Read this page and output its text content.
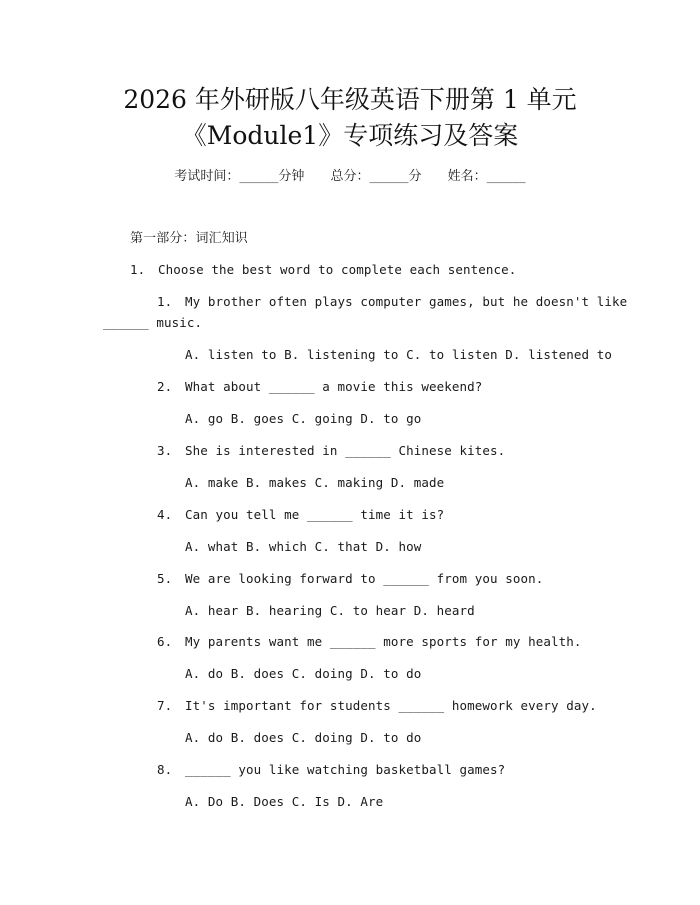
2026 年外研版八年级英语下册第 1 单元
《Module1》专项练习及答案
考试时间：______分钟 总分：______分 姓名：______
第一部分：词汇知识
1. Choose the best word to complete each sentence.
1. My brother often plays computer games, but he doesn't like
______ music.
A. listen to B. listening to C. to listen D. listened to
2. What about ______ a movie this weekend?
A. go B. goes C. going D. to go
3. She is interested in ______ Chinese kites.
A. make B. makes C. making D. made
4. Can you tell me ______ time it is?
A. what B. which C. that D. how
5. We are looking forward to ______ from you soon.
A. hear B. hearing C. to hear D. heard
6. My parents want me ______ more sports for my health.
A. do B. does C. doing D. to do
7. It's important for students ______ homework every day.
A. do B. does C. doing D. to do
8. ______ you like watching basketball games?
A. Do B. Does C. Is D. Are
